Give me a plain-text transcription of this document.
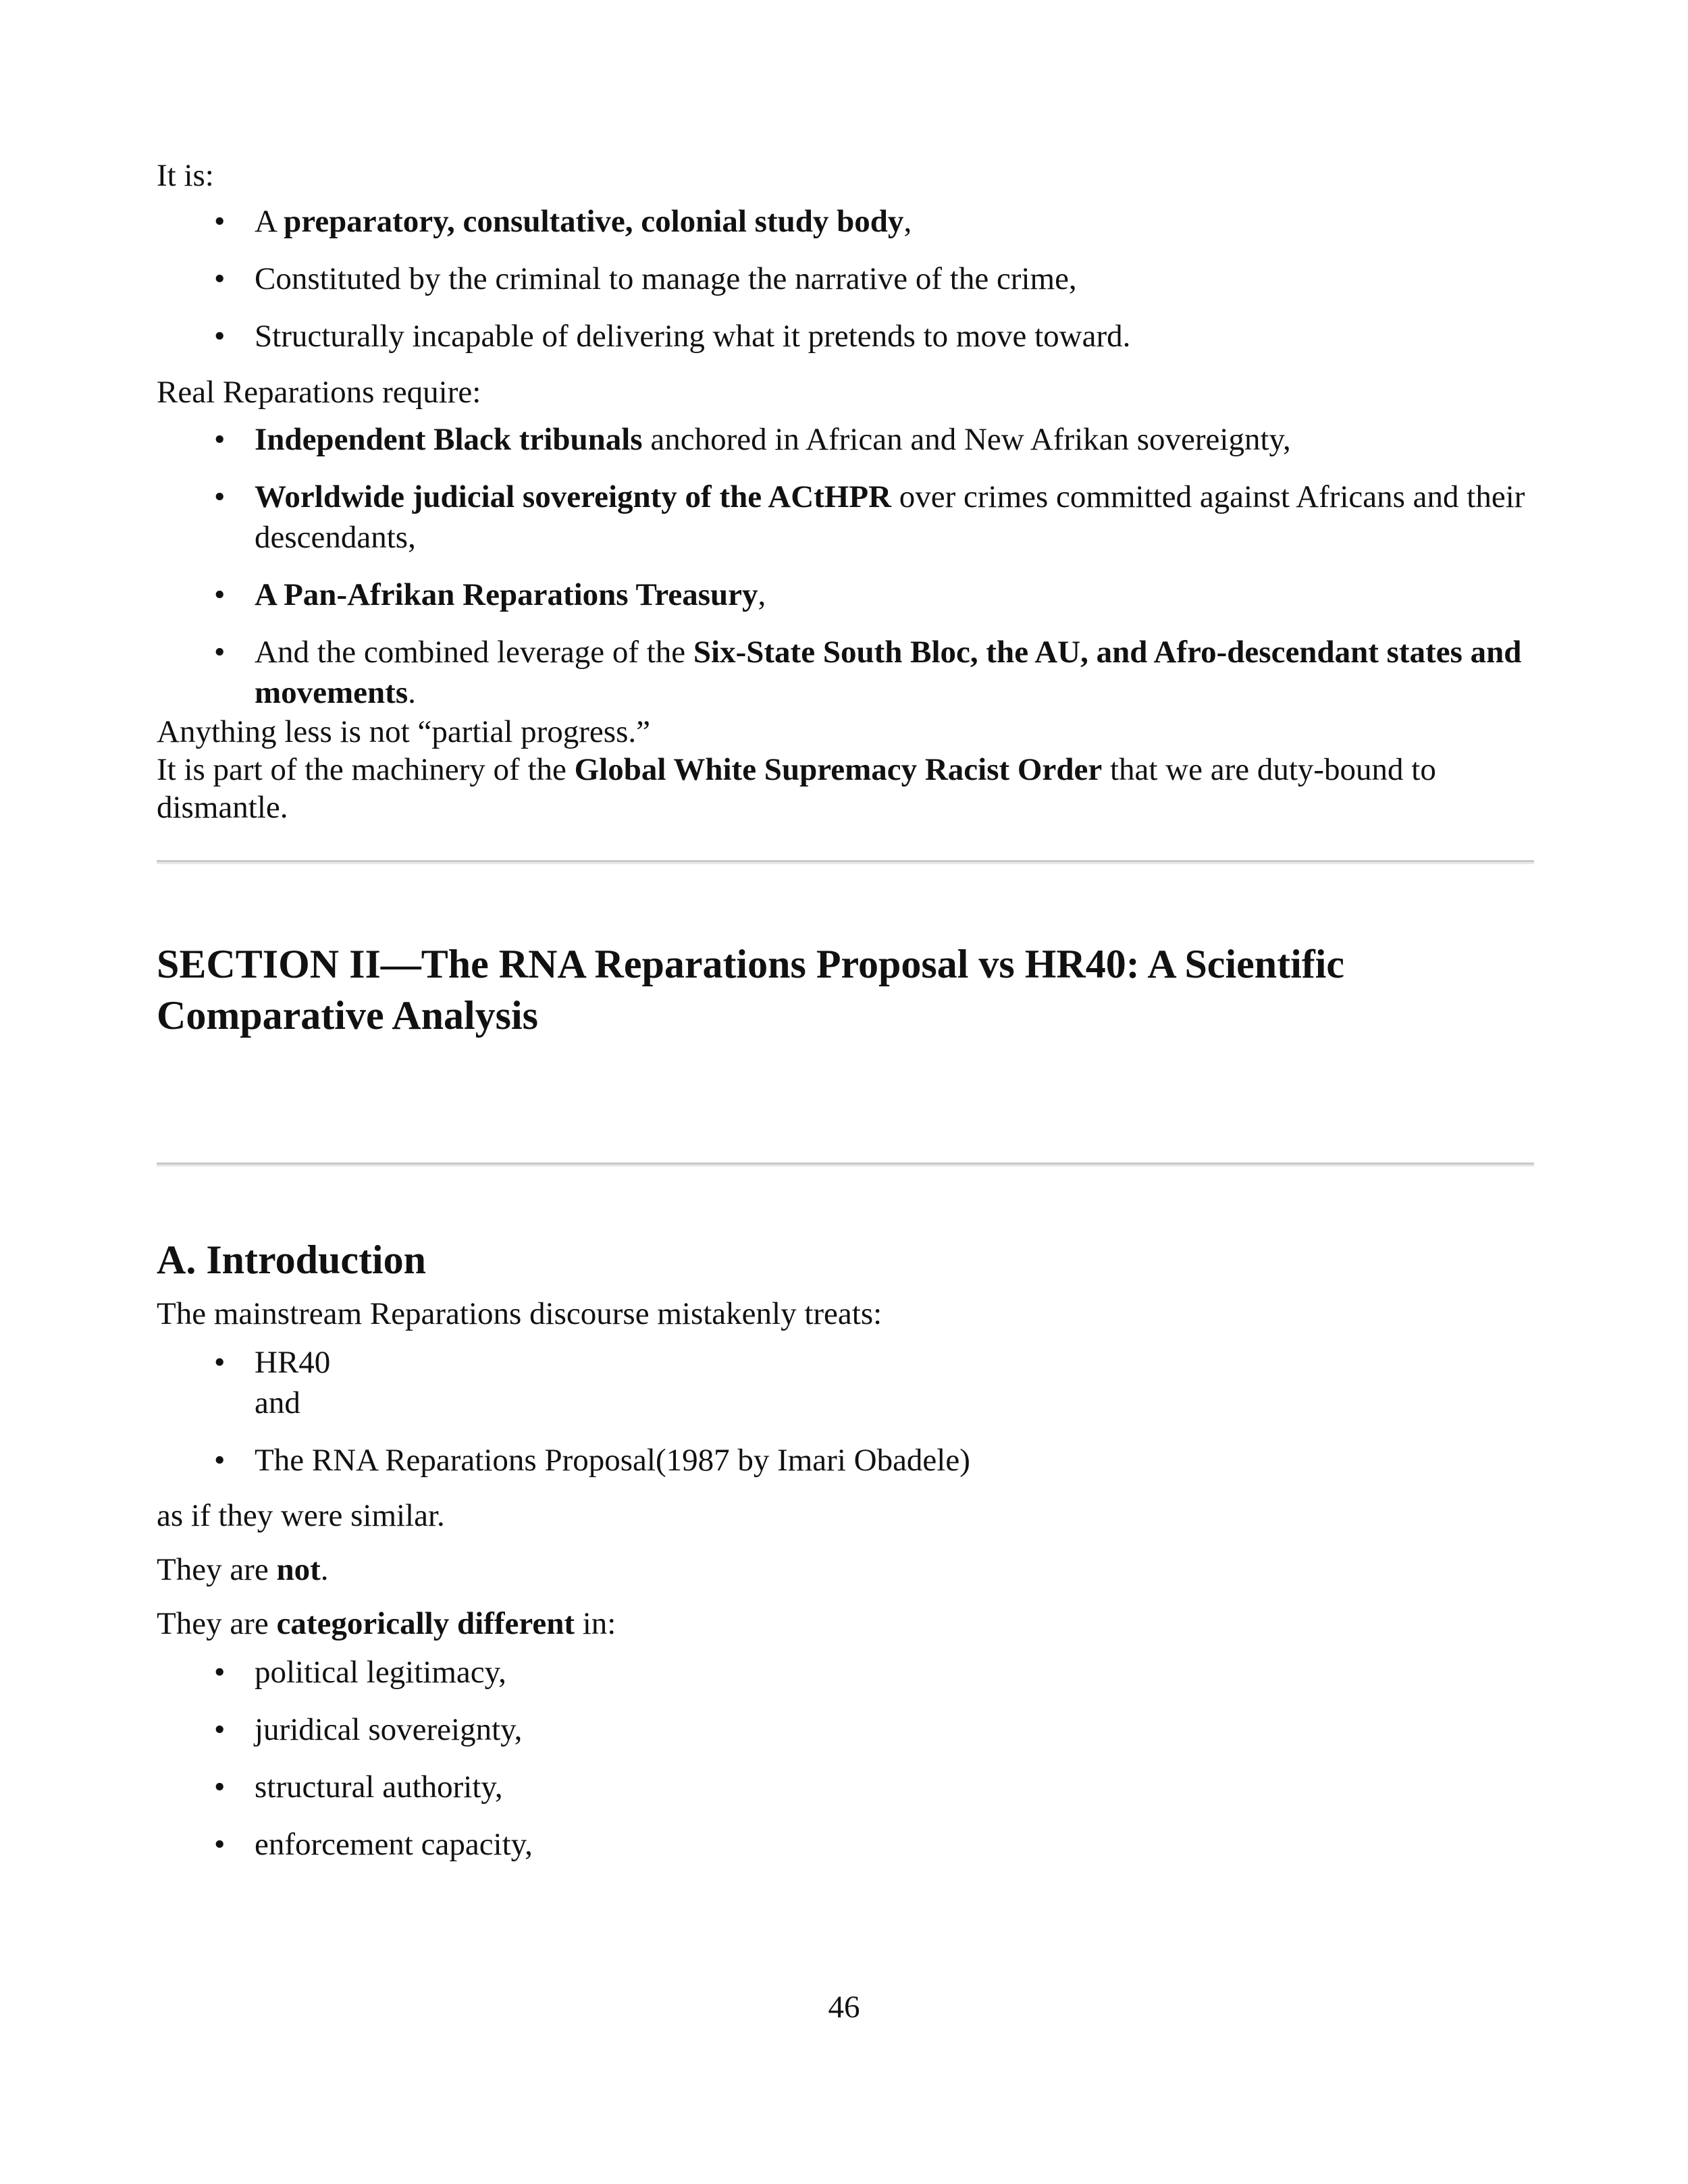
It is:

• A preparatory, consultative, colonial study body,
• Constituted by the criminal to manage the narrative of the crime,
• Structurally incapable of delivering what it pretends to move toward.

Real Reparations require:

• Independent Black tribunals anchored in African and New Afrikan sovereignty,
• Worldwide judicial sovereignty of the ACtHPR over crimes committed against Africans and their descendants,
• A Pan-Afrikan Reparations Treasury,
• And the combined leverage of the Six-State South Bloc, the AU, and Afro-descendant states and movements.

Anything less is not “partial progress.”

It is part of the machinery of the Global White Supremacy Racist Order that we are duty-bound to dismantle.

SECTION II—The RNA Reparations Proposal vs HR40: A Scientific Comparative Analysis
A. Introduction

The mainstream Reparations discourse mistakenly treats:

• HR40
and
• The RNA Reparations Proposal(1987 by Imari Obadele)

as if they were similar.

They are not.

They are categorically different in:

• political legitimacy,
• juridical sovereignty,
• structural authority,
• enforcement capacity,
46
